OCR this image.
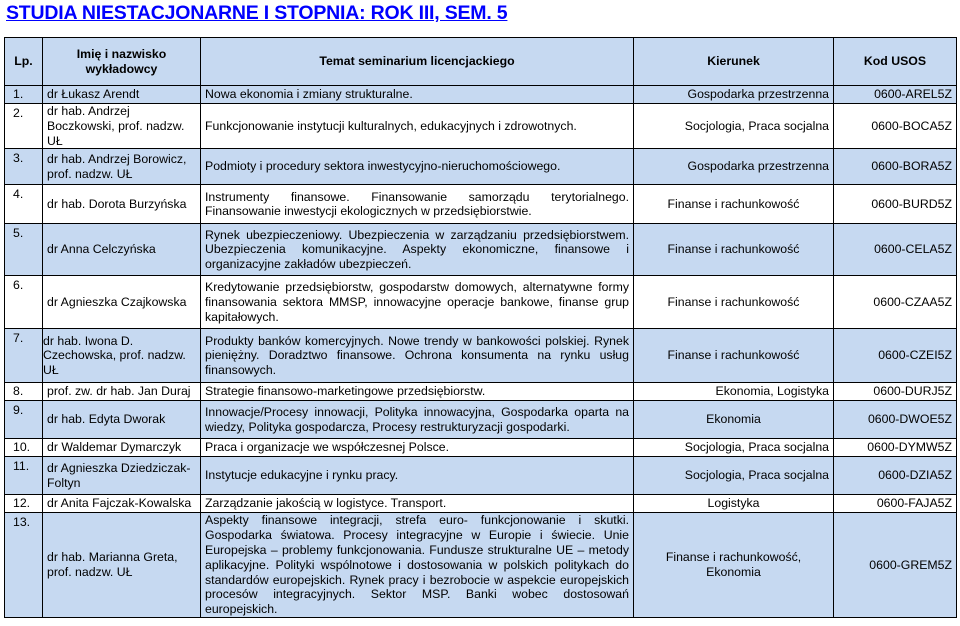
STUDIA NIESTACJONARNE I STOPNIA: ROK III, SEM. 5
Lp.	Imię i nazwisko wykładowcy	Temat seminarium licencjackiego	Kierunek	Kod USOS
1.	dr Łukasz Arendt	Nowa ekonomia i zmiany strukturalne.	Gospodarka przestrzenna	0600-AREL5Z
2.	dr hab. Andrzej Boczkowski, prof. nadzw. UŁ	Funkcjonowanie instytucji kulturalnych, edukacyjnych i zdrowotnych.	Socjologia, Praca socjalna	0600-BOCA5Z
3.	dr hab. Andrzej Borowicz, prof. nadzw. UŁ	Podmioty i procedury sektora inwestycyjno-nieruchomościowego.	Gospodarka przestrzenna	0600-BORA5Z
4.	dr hab. Dorota Burzyńska	Instrumenty finansowe. Finansowanie samorządu terytorialnego. Finansowanie inwestycji ekologicznych w przedsiębiorstwie.	Finanse i rachunkowość	0600-BURD5Z
5.	dr Anna Celczyńska	Rynek ubezpieczeniowy. Ubezpieczenia w zarządzaniu przedsiębiorstwem. Ubezpieczenia komunikacyjne. Aspekty ekonomiczne, finansowe i organizacyjne zakładów ubezpieczeń.	Finanse i rachunkowość	0600-CELA5Z
6.	dr Agnieszka Czajkowska	Kredytowanie przedsiębiorstw, gospodarstw domowych, alternatywne formy finansowania sektora MMSP, innowacyjne operacje bankowe, finanse grup kapitałowych.	Finanse i rachunkowość	0600-CZAA5Z
7.	dr hab. Iwona D. Czechowska, prof. nadzw. UŁ	Produkty banków komercyjnych. Nowe trendy w bankowości polskiej. Rynek pieniężny. Doradztwo finansowe. Ochrona konsumenta na rynku usług finansowych.	Finanse i rachunkowość	0600-CZEI5Z
8.	prof. zw. dr hab. Jan Duraj	Strategie finansowo-marketingowe przedsiębiorstw.	Ekonomia, Logistyka	0600-DURJ5Z
9.	dr hab. Edyta Dworak	Innowacje/Procesy innowacji, Polityka innowacyjna, Gospodarka oparta na wiedzy, Polityka gospodarcza, Procesy restrukturyzacji gospodarki.	Ekonomia	0600-DWOE5Z
10.	dr Waldemar Dymarczyk	Praca i organizacje we współczesnej Polsce.	Socjologia, Praca socjalna	0600-DYMW5Z
11.	dr Agnieszka Dziedziczak-Foltyn	Instytucje edukacyjne i rynku pracy.	Socjologia, Praca socjalna	0600-DZIA5Z
12.	dr Anita Fajczak-Kowalska	Zarządzanie jakością w logistyce. Transport.	Logistyka	0600-FAJA5Z
13.	dr hab. Marianna Greta, prof. nadzw. UŁ	Aspekty finansowe integracji, strefa euro- funkcjonowanie i skutki. Gospodarka światowa. Procesy integracyjne w Europie i świecie. Unie Europejska – problemy funkcjonowania. Fundusze strukturalne UE – metody aplikacyjne. Polityki wspólnotowe i dostosowania w polskich politykach do standardów europejskich. Rynek pracy i bezrobocie w aspekcie europejskich procesów integracyjnych. Sektor MSP. Banki wobec dostosowań europejskich.	Finanse i rachunkowość, Ekonomia	0600-GREM5Z
